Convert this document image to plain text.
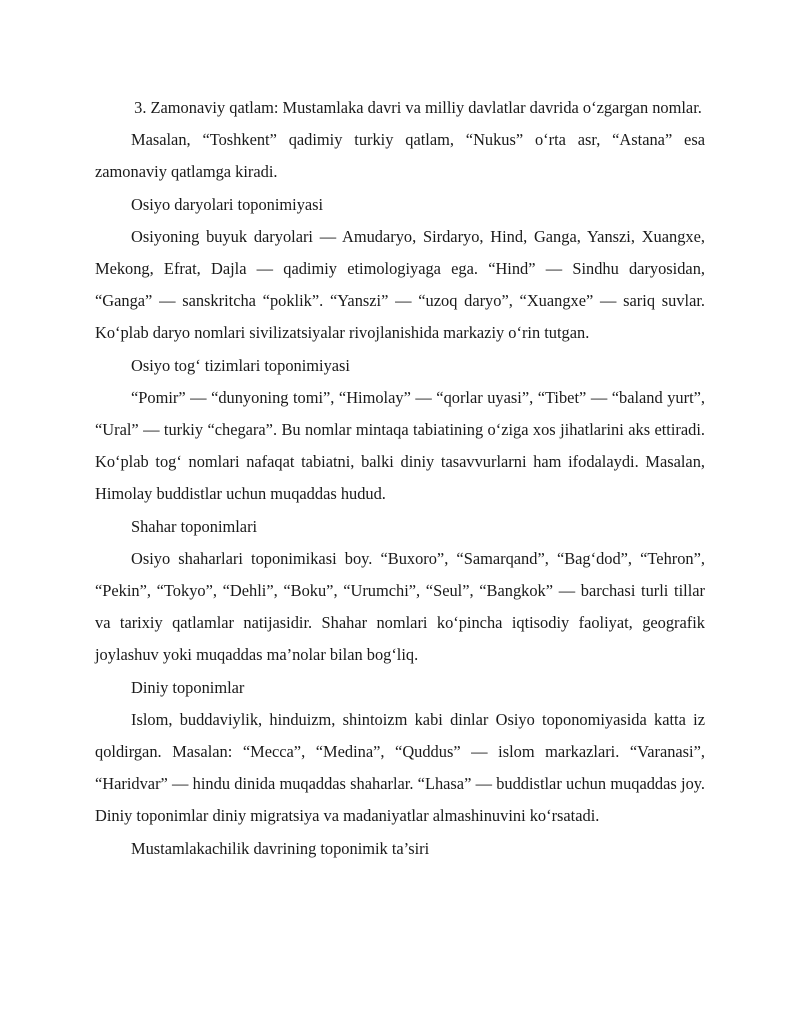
3. Zamonaviy qatlam: Mustamlaka davri va milliy davlatlar davrida o‘zgargan nomlar.

Masalan, “Toshkent” qadimiy turkiy qatlam, “Nukus” o‘rta asr, “Astana” esa zamonaviy qatlamga kiradi.

Osiyo daryolari toponimiyasi

Osiyoning buyuk daryolari — Amudaryo, Sirdaryo, Hind, Ganga, Yanszi, Xuangxe, Mekong, Efrat, Dajla — qadimiy etimologiyaga ega. “Hind” — Sindhu daryosidan, “Ganga” — sanskritcha “poklik”. “Yanszi” — “uzoq daryo”, “Xuangxe” — sariq suvlar. Ko‘plab daryo nomlari sivilizatsiyalar rivojlanishida markaziy o‘rin tutgan.

Osiyo tog‘ tizimlari toponimiyasi

“Pomir” — “dunyoning tomi”, “Himolay” — “qorlar uyasi”, “Tibet” — “baland yurt”, “Ural” — turkiy “chegara”. Bu nomlar mintaqa tabiatining o‘ziga xos jihatlarini aks ettiradi. Ko‘plab tog‘ nomlari nafaqat tabiatni, balki diniy tasavvurlarni ham ifodalaydi. Masalan, Himolay buddistlar uchun muqaddas hudud.

Shahar toponimlari

Osiyo shaharlari toponimikasi boy. “Buxoro”, “Samarqand”, “Bag‘dod”, “Tehron”, “Pekin”, “Tokyo”, “Dehli”, “Boku”, “Urumchi”, “Seul”, “Bangkok” — barchasi turli tillar va tarixiy qatlamlar natijasidir. Shahar nomlari ko‘pincha iqtisodiy faoliyat, geografik joylashuv yoki muqaddas ma’nolar bilan bog‘liq.

Diniy toponimlar

Islom, buddaviylik, hinduizm, shintoizm kabi dinlar Osiyo toponomiyasida katta iz qoldirgan. Masalan: “Mecca”, “Medina”, “Quddus” — islom markazlari. “Varanasi”, “Haridvar” — hindu dinida muqaddas shaharlar. “Lhasa” — buddistlar uchun muqaddas joy. Diniy toponimlar diniy migratsiya va madaniyatlar almashinuvini ko‘rsatadi.

Mustamlakachilik davrining toponimik ta’siri
